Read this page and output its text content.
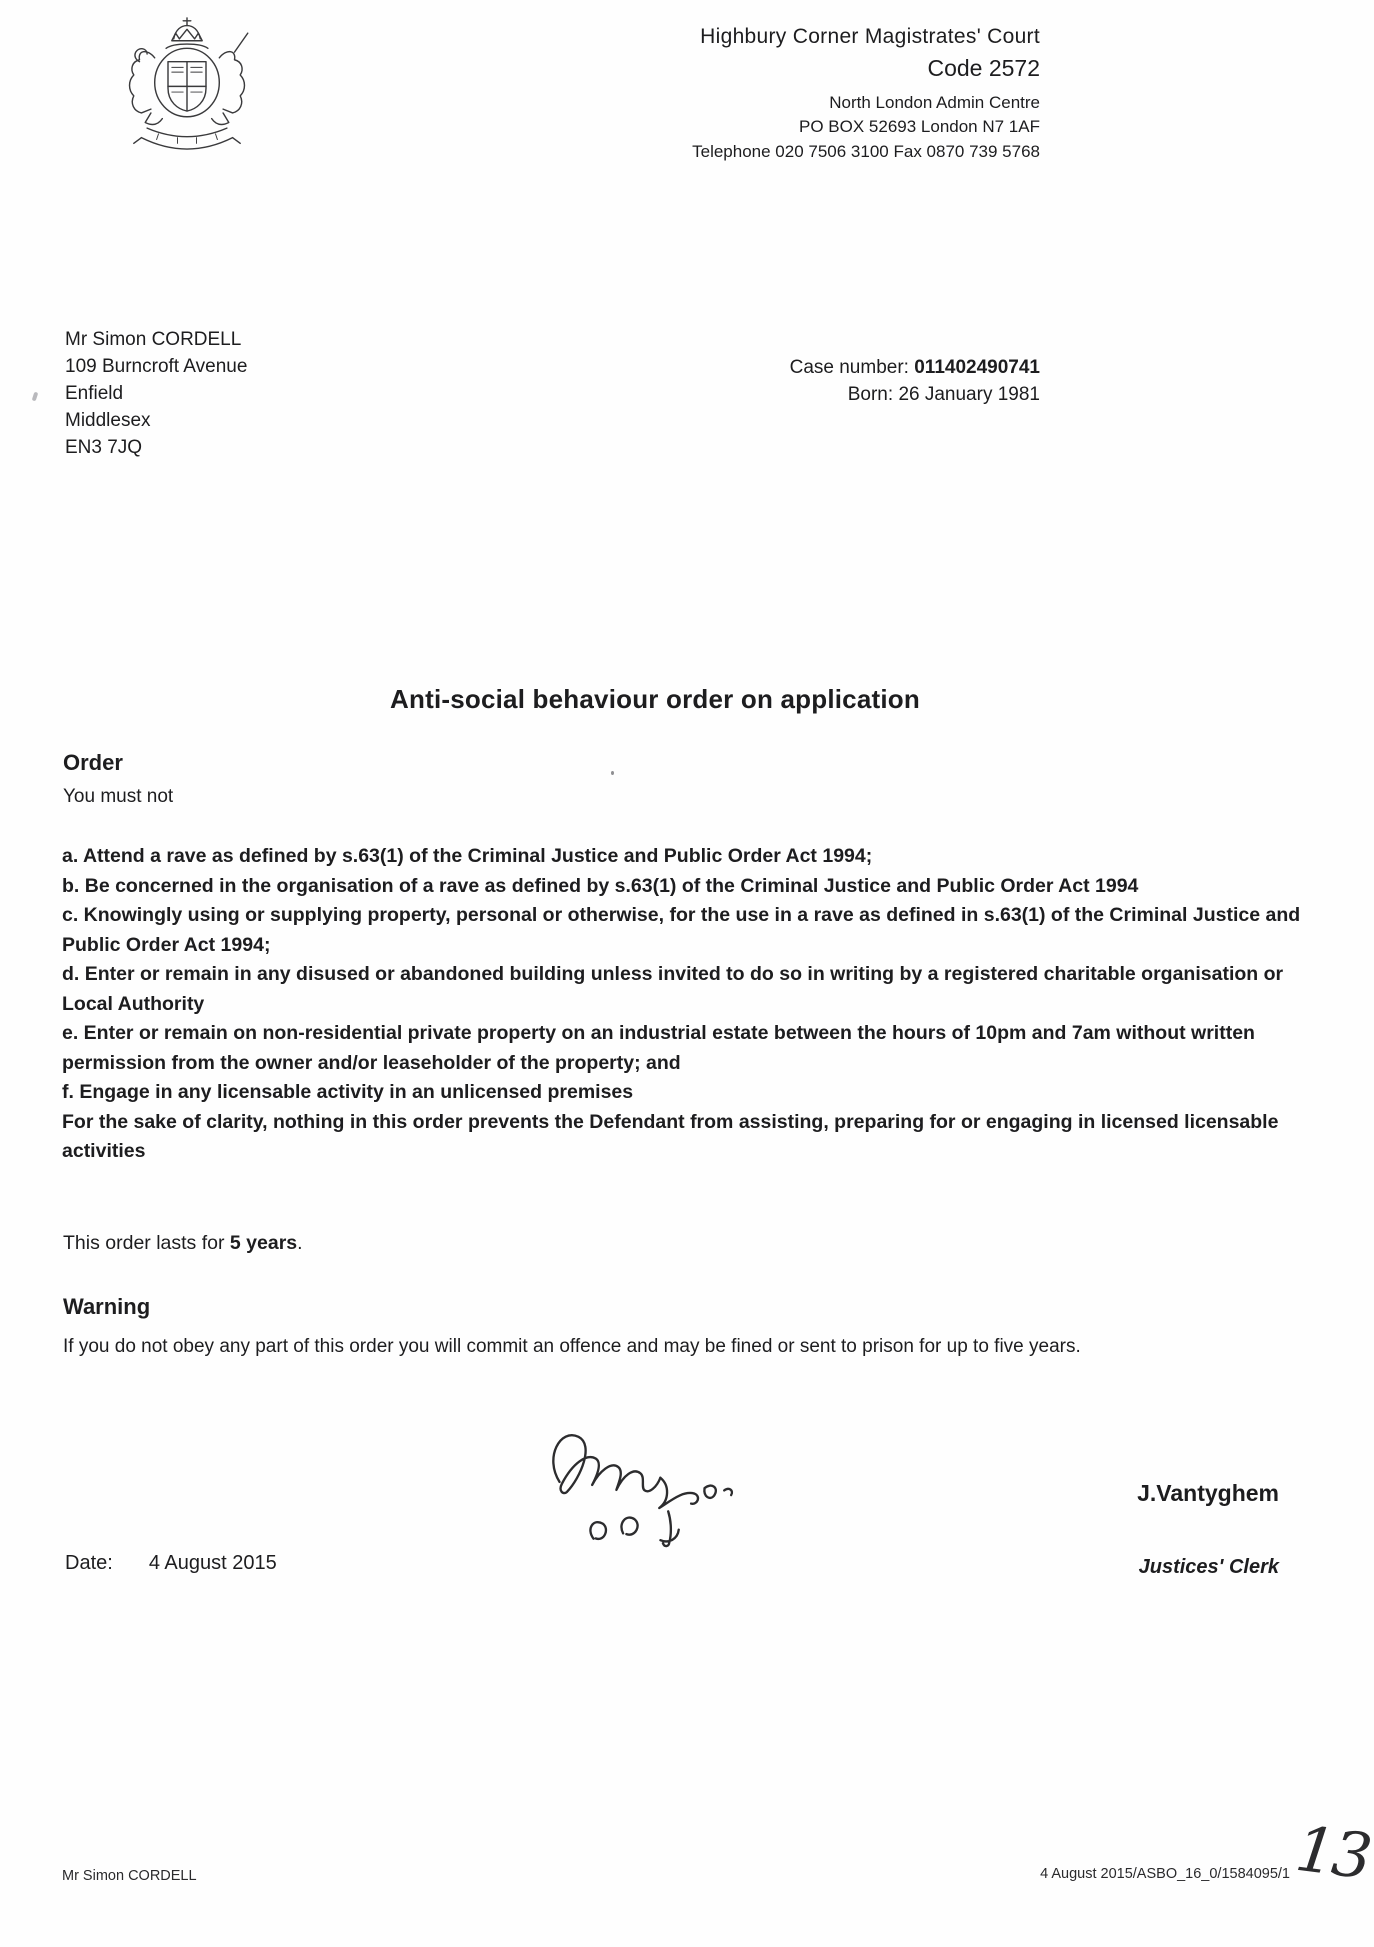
Highbury Corner Magistrates' Court
Code 2572
North London Admin Centre
PO BOX 52693 London N7 1AF
Telephone 020 7506 3100 Fax 0870 739 5768
Mr Simon CORDELL
109 Burncroft Avenue
Enfield
Middlesex
EN3 7JQ
Case number: 011402490741
Born: 26 January 1981
Anti-social behaviour order on application
Order
You must not

a. Attend a rave as defined by s.63(1) of the Criminal Justice and Public Order Act 1994;

b. Be concerned in the organisation of a rave as defined by s.63(1) of the Criminal Justice and Public Order Act 1994

c. Knowingly using or supplying property, personal or otherwise, for the use in a rave as defined in s.63(1) of the Criminal Justice and Public Order Act 1994;

d. Enter or remain in any disused or abandoned building unless invited to do so in writing by a registered charitable organisation or Local Authority

e. Enter or remain on non-residential private property on an industrial estate between the hours of 10pm and 7am without written permission from the owner and/or leaseholder of the property; and

f. Engage in any licensable activity in an unlicensed premises

For the sake of clarity, nothing in this order prevents the Defendant from assisting, preparing for or engaging in licensed licensable activities

This order lasts for 5 years.
Warning
If you do not obey any part of this order you will commit an offence and may be fined or sent to prison for up to five years.
J.Vantyghem
Date: 4 August 2015	Justices' Clerk
Mr Simon CORDELL	4 August 2015/ASBO_16_0/1584095/1 13
